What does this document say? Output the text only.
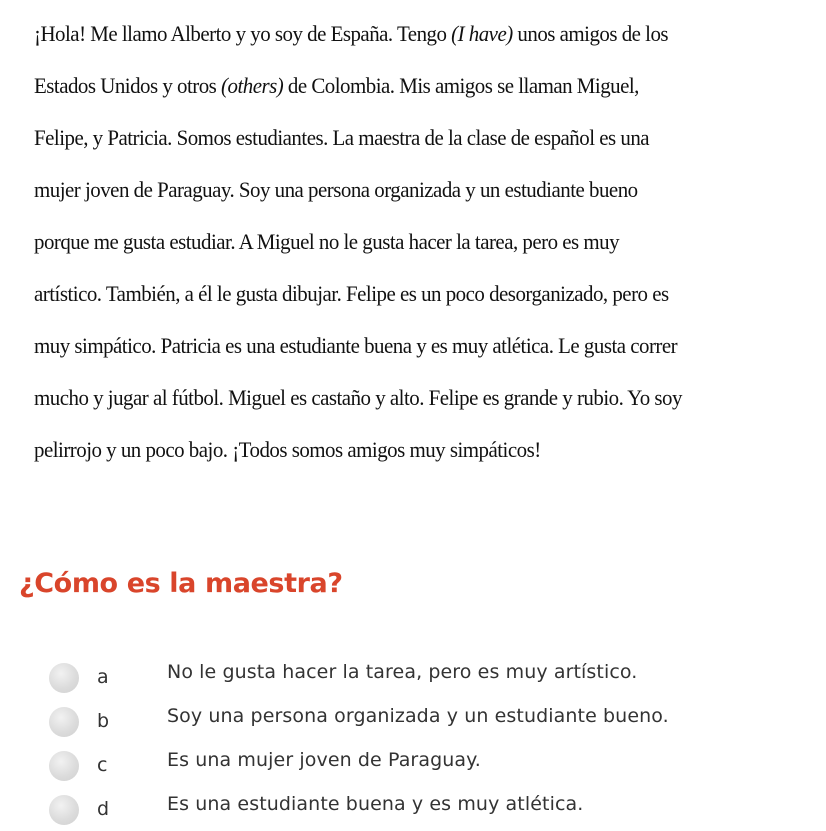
¡Hola! Me llamo Alberto y yo soy de España. Tengo (I have) unos amigos de los
Estados Unidos y otros (others) de Colombia. Mis amigos se llaman Miguel,
Felipe, y Patricia. Somos estudiantes. La maestra de la clase de español es una
mujer joven de Paraguay. Soy una persona organizada y un estudiante bueno
porque me gusta estudiar. A Miguel no le gusta hacer la tarea, pero es muy
artístico. También, a él le gusta dibujar. Felipe es un poco desorganizado, pero es
muy simpático. Patricia es una estudiante buena y es muy atlética. Le gusta correr
mucho y jugar al fútbol. Miguel es castaño y alto. Felipe es grande y rubio. Yo soy
pelirrojo y un poco bajo. ¡Todos somos amigos muy simpáticos!
¿Cómo es la maestra?
a	No le gusta hacer la tarea, pero es muy artístico.
b	Soy una persona organizada y un estudiante bueno.
c	Es una mujer joven de Paraguay.
d	Es una estudiante buena y es muy atlética.
